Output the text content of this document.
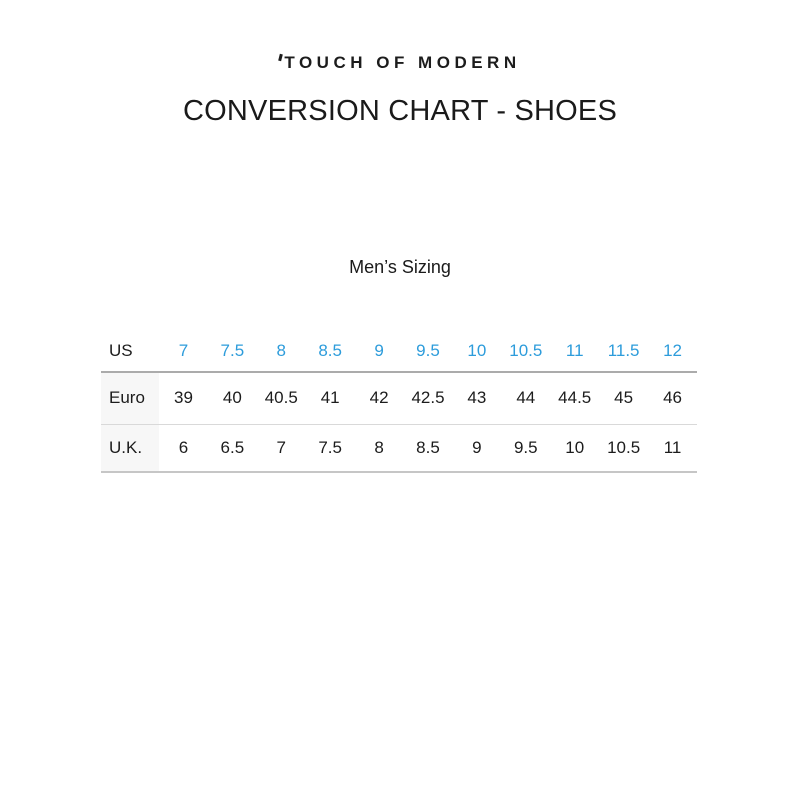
TOUCH OF MODERN
CONVERSION CHART - SHOES
Men’s Sizing
US	7	7.5	8	8.5	9	9.5	10	10.5	11	11.5	12
Euro	39	40	40.5	41	42	42.5	43	44	44.5	45	46
U.K.	6	6.5	7	7.5	8	8.5	9	9.5	10	10.5	11
